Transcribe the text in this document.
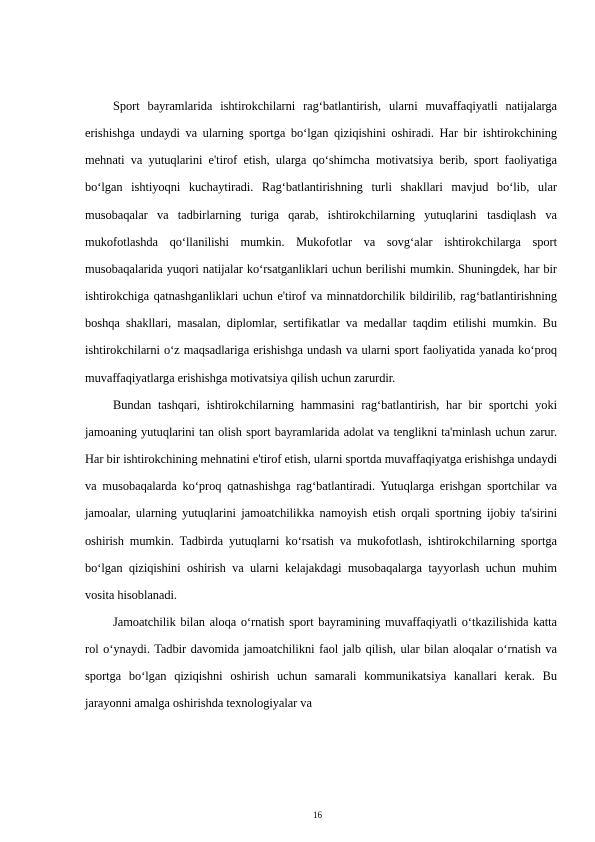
Sport bayramlarida ishtirokchilarni rag‘batlantirish, ularni muvaffaqiyatli natijalarga erishishga undaydi va ularning sportga bo‘lgan qiziqishini oshiradi. Har bir ishtirokchining mehnati va yutuqlarini e'tirof etish, ularga qo‘shimcha motivatsiya berib, sport faoliyatiga bo‘lgan ishtiyoqni kuchaytiradi. Rag‘batlantirishning turli shakllari mavjud bo‘lib, ular musobaqalar va tadbirlarning turiga qarab, ishtirokchilarning yutuqlarini tasdiqlash va mukofotlashda qo‘llanilishi mumkin. Mukofotlar va sovg‘alar ishtirokchilarga sport musobaqalarida yuqori natijalar ko‘rsatganliklari uchun berilishi mumkin. Shuningdek, har bir ishtirokchiga qatnashganliklari uchun e'tirof va minnatdorchilik bildirilib, rag‘batlantirishning boshqa shakllari, masalan, diplomlar, sertifikatlar va medallar taqdim etilishi mumkin. Bu ishtirokchilarni o‘z maqsadlariga erishishga undash va ularni sport faoliyatida yanada ko‘proq muvaffaqiyatlarga erishishga motivatsiya qilish uchun zarurdir.

Bundan tashqari, ishtirokchilarning hammasini rag‘batlantirish, har bir sportchi yoki jamoaning yutuqlarini tan olish sport bayramlarida adolat va tenglikni ta'minlash uchun zarur. Har bir ishtirokchining mehnatini e'tirof etish, ularni sportda muvaffaqiyatga erishishga undaydi va musobaqalarda ko‘proq qatnashishga rag‘batlantiradi. Yutuqlarga erishgan sportchilar va jamoalar, ularning yutuqlarini jamoatchilikka namoyish etish orqali sportning ijobiy ta'sirini oshirish mumkin. Tadbirda yutuqlarni ko‘rsatish va mukofotlash, ishtirokchilarning sportga bo‘lgan qiziqishini oshirish va ularni kelajakdagi musobaqalarga tayyorlash uchun muhim vosita hisoblanadi.

Jamoatchilik bilan aloqa o‘rnatish sport bayramining muvaffaqiyatli o‘tkazilishida katta rol o‘ynaydi. Tadbir davomida jamoatchilikni faol jalb qilish, ular bilan aloqalar o‘rnatish va sportga bo‘lgan qiziqishni oshirish uchun samarali kommunikatsiya kanallari kerak. Bu jarayonni amalga oshirishda texnologiyalar va

16
